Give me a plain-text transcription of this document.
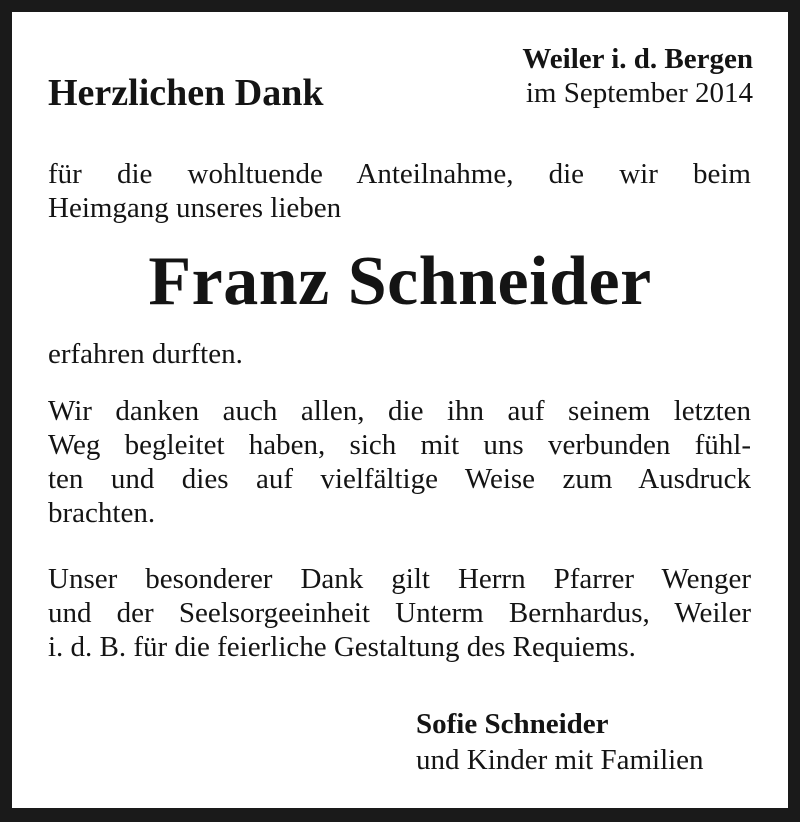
Herzlichen Dank
Weiler i. d. Bergen
im September 2014
für die wohltuende Anteilnahme, die wir beim
Heimgang unseres lieben
Franz Schneider
erfahren durften.
Wir danken auch allen, die ihn auf seinem letzten
Weg begleitet haben, sich mit uns verbunden fühl-
ten und dies auf vielfältige Weise zum Ausdruck
brachten.
Unser besonderer Dank gilt Herrn Pfarrer Wenger
und der Seelsorgeeinheit Unterm Bernhardus, Weiler
i. d. B. für die feierliche Gestaltung des Requiems.
Sofie Schneider
und Kinder mit Familien
